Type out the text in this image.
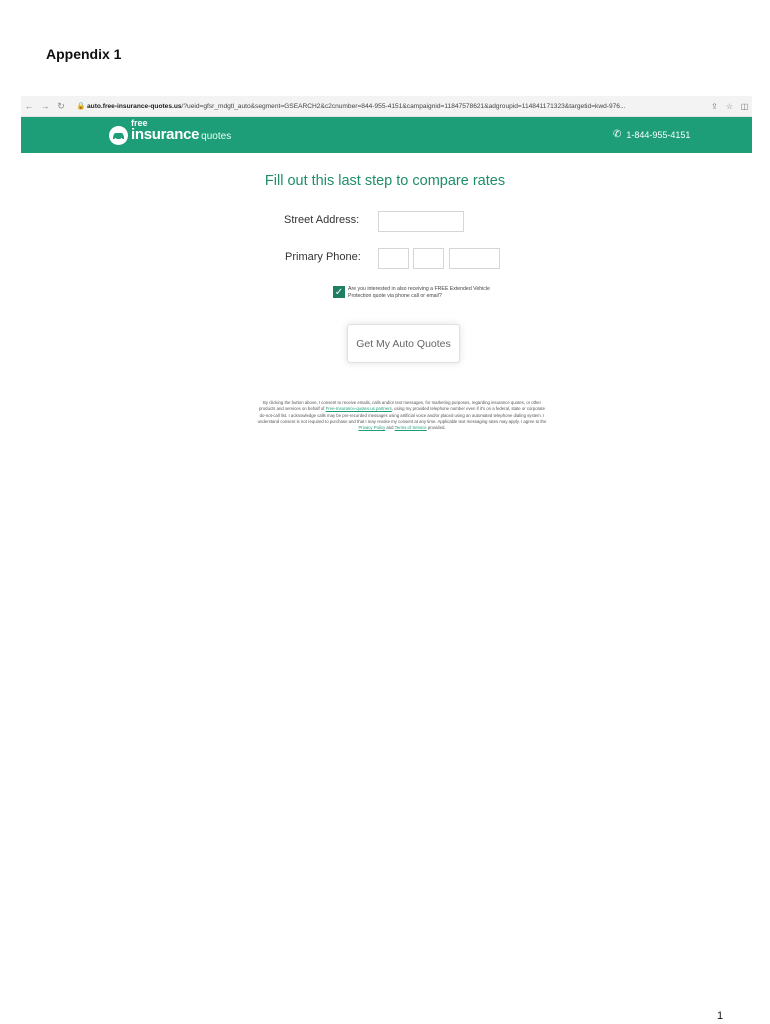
Appendix 1
← → ↻	🔒 auto.free-insurance-quotes.us/?ueid=gfsr_mdgtl_auto&segment=GSEARCH2&c2cnumber=844-955-4151&campaignid=11847578621&adgroupid=114841171323&targetid=kwd-976...	⇪	☆ ◫
free
insurance quotes	✆ 1-844-955-4151
Fill out this last step to compare rates
Street Address:
Primary Phone:
✓ Are you interested in also receiving a FREE Extended Vehicle Protection quote via phone call or email?
Get My Auto Quotes
By clicking the button above, I consent to receive emails, calls and/or text messages, for marketing purposes, regarding insurance quotes, or other products and services on behalf of Free-Insurance-quotes.us partners, using my provided telephone number even if it's on a federal, state or corporate do-not-call list. I acknowledge calls may be pre-recorded messages using artificial voice and/or placed using an automated telephone dialing system. I understand consent is not required to purchase and that I may revoke my consent at any time. Applicable text messaging rates may apply. I agree to the Privacy Policy and Terms of Service provided.
1
